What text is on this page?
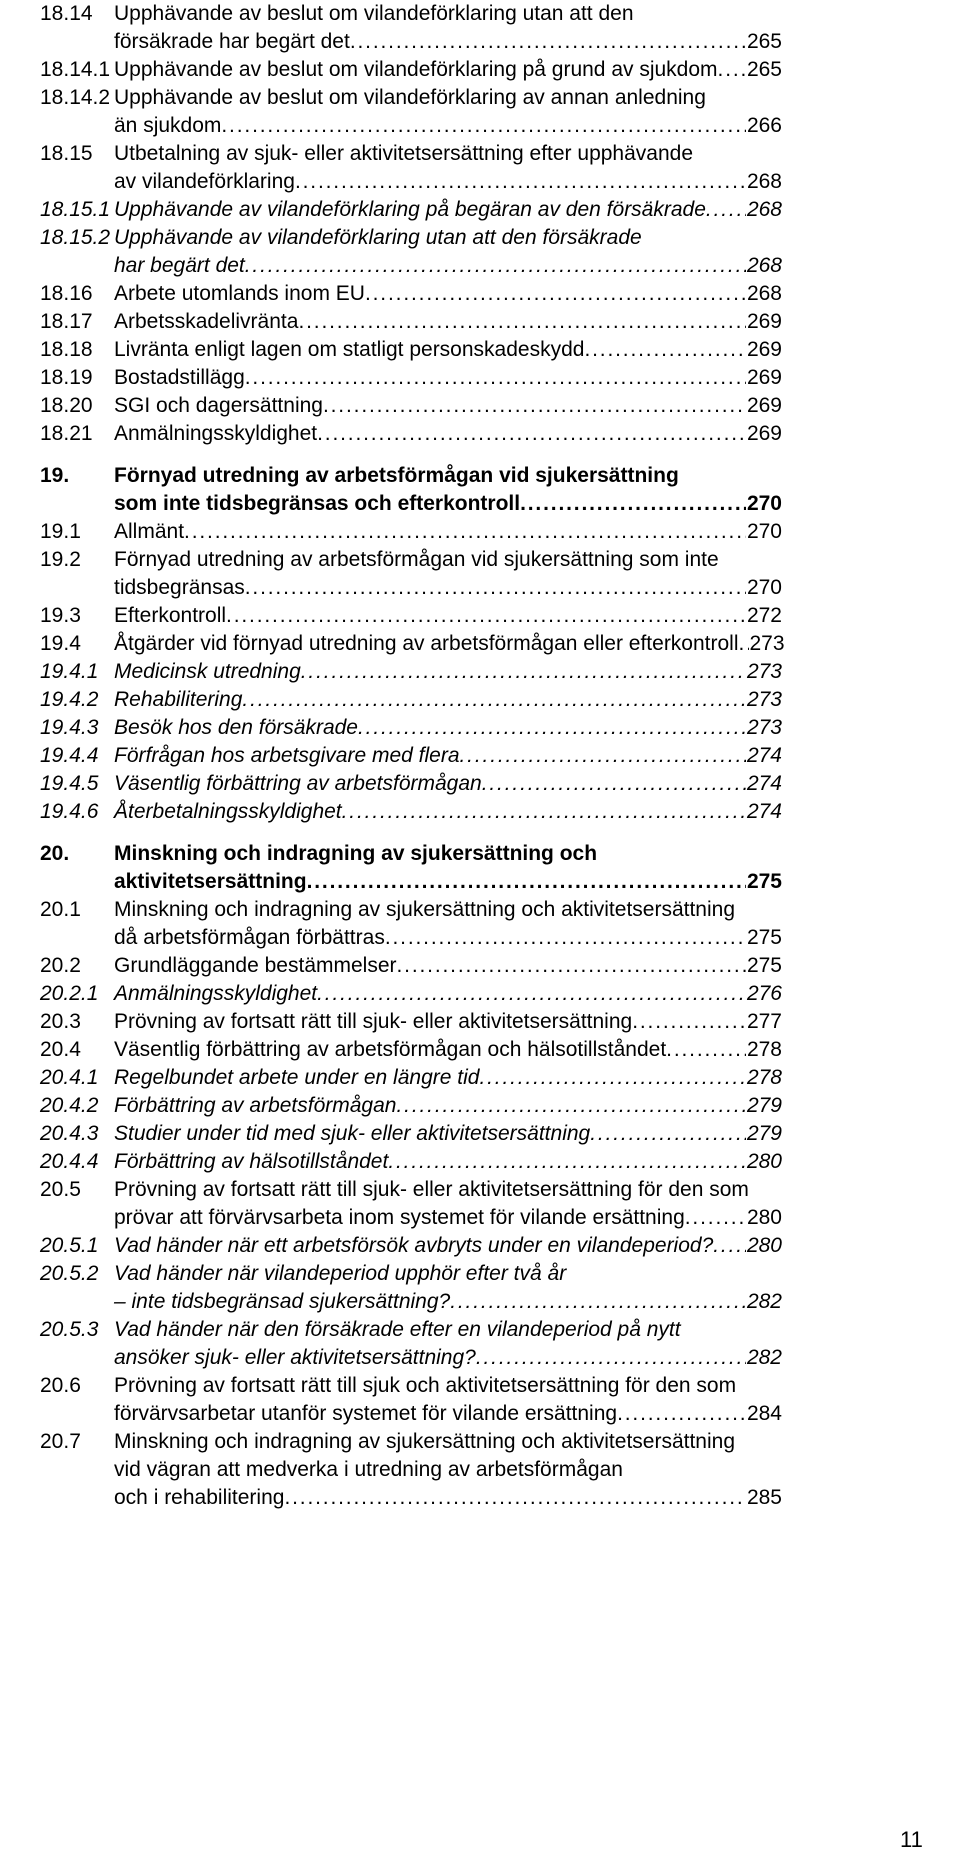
18.14 Upphävande av beslut om vilandeförklaring utan att den
försäkrade har begärt det . . .	265
18.14.1 Upphävande av beslut om vilandeförklaring på grund av sjukdom . . . 265
18.14.2 Upphävande av beslut om vilandeförklaring av annan anledning
än sjukdom . . .	266
18.15 Utbetalning av sjuk- eller aktivitetsersättning efter upphävande
av vilandeförklaring . . .	268
18.15.1 Upphävande av vilandeförklaring på begäran av den försäkrade . . . 268
18.15.2 Upphävande av vilandeförklaring utan att den försäkrade
har begärt det . . .	268
18.16 Arbete utomlands inom EU . . .	268
18.17 Arbetsskadelivränta . . .	269
18.18 Livränta enligt lagen om statligt personskadeskydd . . .	269
18.19 Bostadstillägg . . .	269
18.20 SGI och dagersättning . . .	269
18.21 Anmälningsskyldighet . . .	269
19. Förnyad utredning av arbetsförmågan vid sjukersättning
som inte tidsbegränsas och efterkontroll . . .	270
19.1 Allmänt . . .	270
19.2 Förnyad utredning av arbetsförmågan vid sjukersättning som inte
tidsbegränsas . . .	270
19.3 Efterkontroll . . .	272
19.4 Åtgärder vid förnyad utredning av arbetsförmågan eller efterkontroll . . . 273
19.4.1 Medicinsk utredning . . .	273
19.4.2 Rehabilitering . . .	273
19.4.3 Besök hos den försäkrade . . .	273
19.4.4 Förfrågan hos arbetsgivare med flera . . .	274
19.4.5 Väsentlig förbättring av arbetsförmågan . . .	274
19.4.6 Återbetalningsskyldighet . . .	274
20. Minskning och indragning av sjukersättning och
aktivitetsersättning . . .	275
20.1 Minskning och indragning av sjukersättning och aktivitetsersättning
då arbetsförmågan förbättras . . .	275
20.2 Grundläggande bestämmelser . . .	275
20.2.1 Anmälningsskyldighet . . .	276
20.3 Prövning av fortsatt rätt till sjuk- eller aktivitetsersättning . . .	277
20.4 Väsentlig förbättring av arbetsförmågan och hälsotillståndet . . .	278
20.4.1 Regelbundet arbete under en längre tid . . .	278
20.4.2 Förbättring av arbetsförmågan . . .	279
20.4.3 Studier under tid med sjuk- eller aktivitetsersättning . . .	279
20.4.4 Förbättring av hälsotillståndet . . .	280
20.5 Prövning av fortsatt rätt till sjuk- eller aktivitetsersättning för den som
prövar att förvärvsarbeta inom systemet för vilande ersättning . . .	280
20.5.1 Vad händer när ett arbetsförsök avbryts under en vilandeperiod? . . . 280
20.5.2 Vad händer när vilandeperiod upphör efter två år
– inte tidsbegränsad sjukersättning? . . .	282
20.5.3 Vad händer när den försäkrade efter en vilandeperiod på nytt
ansöker sjuk- eller aktivitetsersättning? . . .	282
20.6 Prövning av fortsatt rätt till sjuk och aktivitetsersättning för den som
förvärvsarbetar utanför systemet för vilande ersättning . . .	284
20.7 Minskning och indragning av sjukersättning och aktivitetsersättning
vid vägran att medverka i utredning av arbetsförmågan
och i rehabilitering . . .	285
11
